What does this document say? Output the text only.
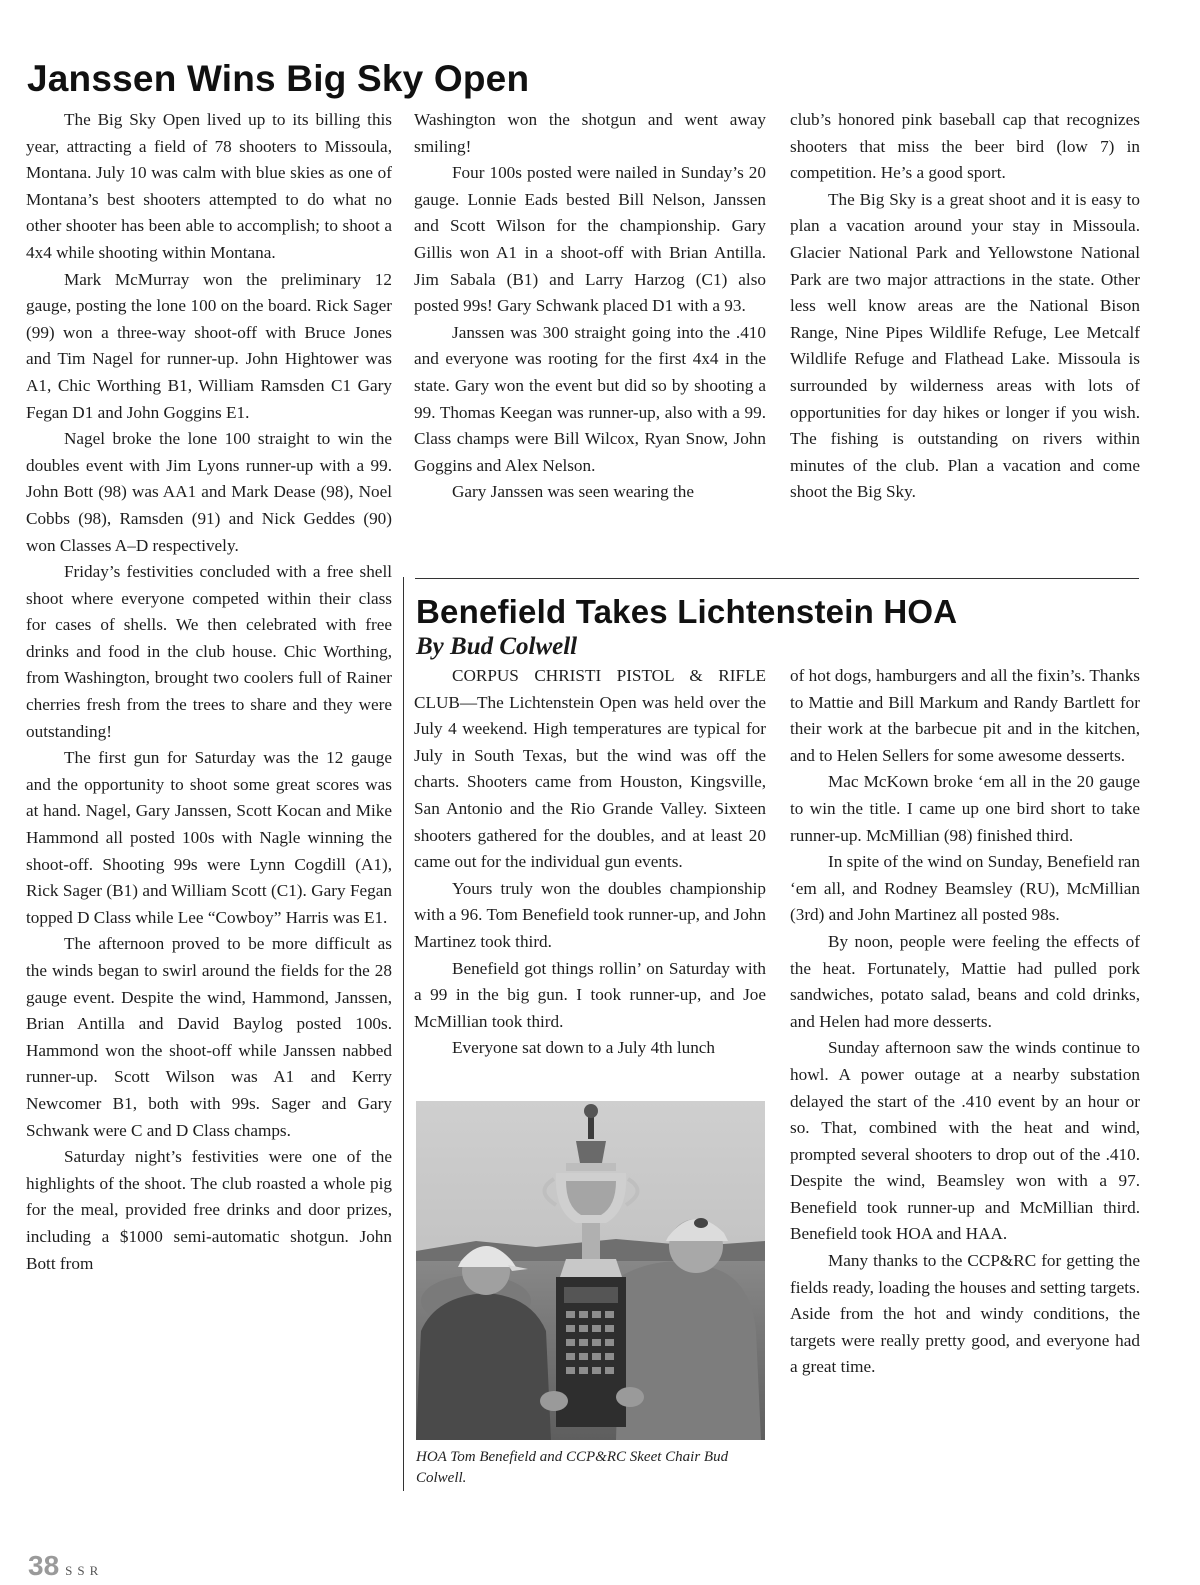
Janssen Wins Big Sky Open

The Big Sky Open lived up to its billing this year, attracting a field of 78 shooters to Missoula, Montana. July 10 was calm with blue skies as one of Montana’s best shooters attempted to do what no other shooter has been able to accomplish; to shoot a 4x4 while shooting within Montana.

Mark McMurray won the preliminary 12 gauge, posting the lone 100 on the board. Rick Sager (99) won a three-way shoot-off with Bruce Jones and Tim Nagel for runner-up. John Hightower was A1, Chic Worthing B1, William Ramsden C1 Gary Fegan D1 and John Goggins E1.

Nagel broke the lone 100 straight to win the doubles event with Jim Lyons runner-up with a 99. John Bott (98) was AA1 and Mark Dease (98), Noel Cobbs (98), Ramsden (91) and Nick Geddes (90) won Classes A–D respectively.

Friday’s festivities concluded with a free shell shoot where everyone competed within their class for cases of shells. We then celebrated with free drinks and food in the club house. Chic Worthing, from Washington, brought two coolers full of Rainer cherries fresh from the trees to share and they were outstanding!

The first gun for Saturday was the 12 gauge and the opportunity to shoot some great scores was at hand. Nagel, Gary Janssen, Scott Kocan and Mike Hammond all posted 100s with Nagle winning the shoot-off. Shooting 99s were Lynn Cogdill (A1), Rick Sager (B1) and William Scott (C1). Gary Fegan topped D Class while Lee “Cowboy” Harris was E1.

The afternoon proved to be more difficult as the winds began to swirl around the fields for the 28 gauge event. Despite the wind, Hammond, Janssen, Brian Antilla and David Baylog posted 100s. Hammond won the shoot-off while Janssen nabbed runner-up. Scott Wilson was A1 and Kerry Newcomer B1, both with 99s. Sager and Gary Schwank were C and D Class champs.

Saturday night’s festivities were one of the highlights of the shoot. The club roasted a whole pig for the meal, provided free drinks and door prizes, including a $1000 semi-automatic shotgun. John Bott from

Washington won the shotgun and went away smiling!

Four 100s posted were nailed in Sunday’s 20 gauge. Lonnie Eads bested Bill Nelson, Janssen and Scott Wilson for the championship. Gary Gillis won A1 in a shoot-off with Brian Antilla. Jim Sabala (B1) and Larry Harzog (C1) also posted 99s! Gary Schwank placed D1 with a 93.

Janssen was 300 straight going into the .410 and everyone was rooting for the first 4x4 in the state. Gary won the event but did so by shooting a 99. Thomas Keegan was runner-up, also with a 99. Class champs were Bill Wilcox, Ryan Snow, John Goggins and Alex Nelson.

Gary Janssen was seen wearing the

club’s honored pink baseball cap that recognizes shooters that miss the beer bird (low 7) in competition. He’s a good sport.

The Big Sky is a great shoot and it is easy to plan a vacation around your stay in Missoula. Glacier National Park and Yellowstone National Park are two major attractions in the state. Other less well know areas are the National Bison Range, Nine Pipes Wildlife Refuge, Lee Metcalf Wildlife Refuge and Flathead Lake. Missoula is surrounded by wilderness areas with lots of opportunities for day hikes or longer if you wish. The fishing is outstanding on rivers within minutes of the club. Plan a vacation and come shoot the Big Sky.

Benefield Takes Lichtenstein HOA

By Bud Colwell

CORPUS CHRISTI PISTOL & RIFLE CLUB—The Lichtenstein Open was held over the July 4 weekend. High temperatures are typical for July in South Texas, but the wind was off the charts. Shooters came from Houston, Kingsville, San Antonio and the Rio Grande Valley. Sixteen shooters gathered for the doubles, and at least 20 came out for the individual gun events.

Yours truly won the doubles championship with a 96. Tom Benefield took runner-up, and John Martinez took third.

Benefield got things rollin’ on Saturday with a 99 in the big gun. I took runner-up, and Joe McMillian took third.

Everyone sat down to a July 4th lunch

of hot dogs, hamburgers and all the fixin’s. Thanks to Mattie and Bill Markum and Randy Bartlett for their work at the barbecue pit and in the kitchen, and to Helen Sellers for some awesome desserts.

Mac McKown broke ‘em all in the 20 gauge to win the title. I came up one bird short to take runner-up. McMillian (98) finished third.

In spite of the wind on Sunday, Benefield ran ‘em all, and Rodney Beamsley (RU), McMillian (3rd) and John Martinez all posted 98s.

By noon, people were feeling the effects of the heat. Fortunately, Mattie had pulled pork sandwiches, potato salad, beans and cold drinks, and Helen had more desserts.

Sunday afternoon saw the winds continue to howl. A power outage at a nearby substation delayed the start of the .410 event by an hour or so. That, combined with the heat and wind, prompted several shooters to drop out of the .410. Despite the wind, Beamsley won with a 97. Benefield took runner-up and McMillian third. Benefield took HOA and HAA.

Many thanks to the CCP&RC for getting the fields ready, loading the houses and setting targets. Aside from the hot and windy conditions, the targets were really pretty good, and everyone had a great time.

HOA Tom Benefield and CCP&RC Skeet Chair Bud Colwell.

38 SSR
